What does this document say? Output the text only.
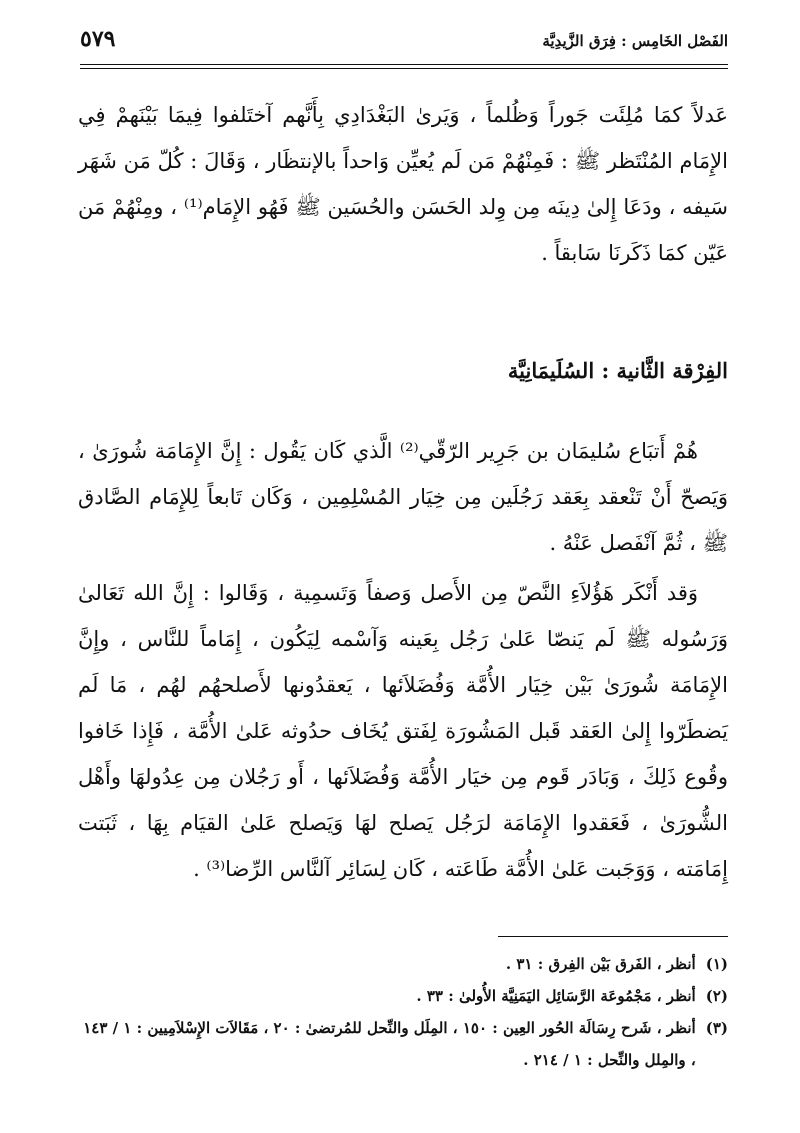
الفَصْل الخَامِس : فِرَق الزَّيدِيَّة
٥٧٩

عَدلاً كمَا مُلِئَت جَوراً وَظُلماً ، وَيَرىٰ البَغْدَادِي بِأَنَّهم آختَلفوا فِيمَا بَيْنَهمْ فِي الإِمَام المُنْتَظر ﷺ : فَمِنْهُمْ مَن لَم يُعيِّن وَاحداً بالإنتظَار ، وَقَالَ : كُلّ مَن شَهَر سَيفه ، ودَعَا إِلىٰ دِينَه مِن وِلد الحَسَن والحُسَين ﷺ فَهُو الإِمَام⁽¹⁾ ، ومِنْهُمْ مَن عَيّن كمَا ذَكَرنَا سَابقاً .

الفِرْقة الثَّانية : السُلَيمَانِيَّة

هُمْ أَتبَاع سُليمَان بن جَرِير الرّقّي⁽²⁾ الَّذي كَان يَقُول : إِنَّ الإِمَامَة شُورَىٰ ، وَيَصحّ أَنْ تَنْعقد بِعَقد رَجُلَين مِن خِيَار المُسْلِمِين ، وَكَان تَابعاً لِلإِمَام الصَّادق ﷺ ، ثُمَّ آنْفَصل عَنْهُ .

وَقد أَنْكَر هَؤُلاَءِ النَّصّ مِن الأَصل وَصفاً وَتَسمِية ، وَقَالوا : إِنَّ الله تَعَالىٰ وَرَسُوله ﷺ لَم يَنصّا عَلىٰ رَجُل بِعَينه وَآسْمه لِيَكُون ، إِمَاماً للنَّاس ، وإِنَّ الإِمَامَة شُورَىٰ بَيْن خِيَار الأُمَّة وَفُضَلاَئها ، يَعقدُونها لأَصلحهُم لهُم ، مَا لَم يَضطَرّوا إِلىٰ العَقد قَبل المَشُورَة لِفَتق يُخَاف حدُوثه عَلىٰ الأُمَّة ، فَإِذا خَافوا وقُوع ذَلِكَ ، وَبَادَر قَوم مِن خيَار الأُمَّة وَفُضَلاَئها ، أَو رَجُلان مِن عِدُولهَا وأَهْل الشُّورَىٰ ، فَعَقدوا الإِمَامَة لرَجُل يَصلح لهَا وَيَصلح عَلىٰ القيَام بِهَا ، ثَبَتت إِمَامَته ، وَوَجَبت عَلىٰ الأُمَّة طَاعَته ، كَان لِسَائِر آلنَّاس الرِّضا⁽³⁾ .

(١)
أنظر ، الفَرق بَيْن الفِرق : ٣١ .
(٢)
أنظر ، مَجْمُوعَة الرَّسَائِل اليَمَنِيَّة الأُولىٰ : ٣٣ .
(٣)
أنظر ، شَرح رِسَالَة الحُور العِين : ١٥٠ ، المِلَل والنِّحل للمُرتضىٰ : ٢٠ ، مَقَالاَت الإِسْلاَمِيين : ١ / ١٤٣ ، والمِلل والنِّحل : ١ / ٢١٤ .
